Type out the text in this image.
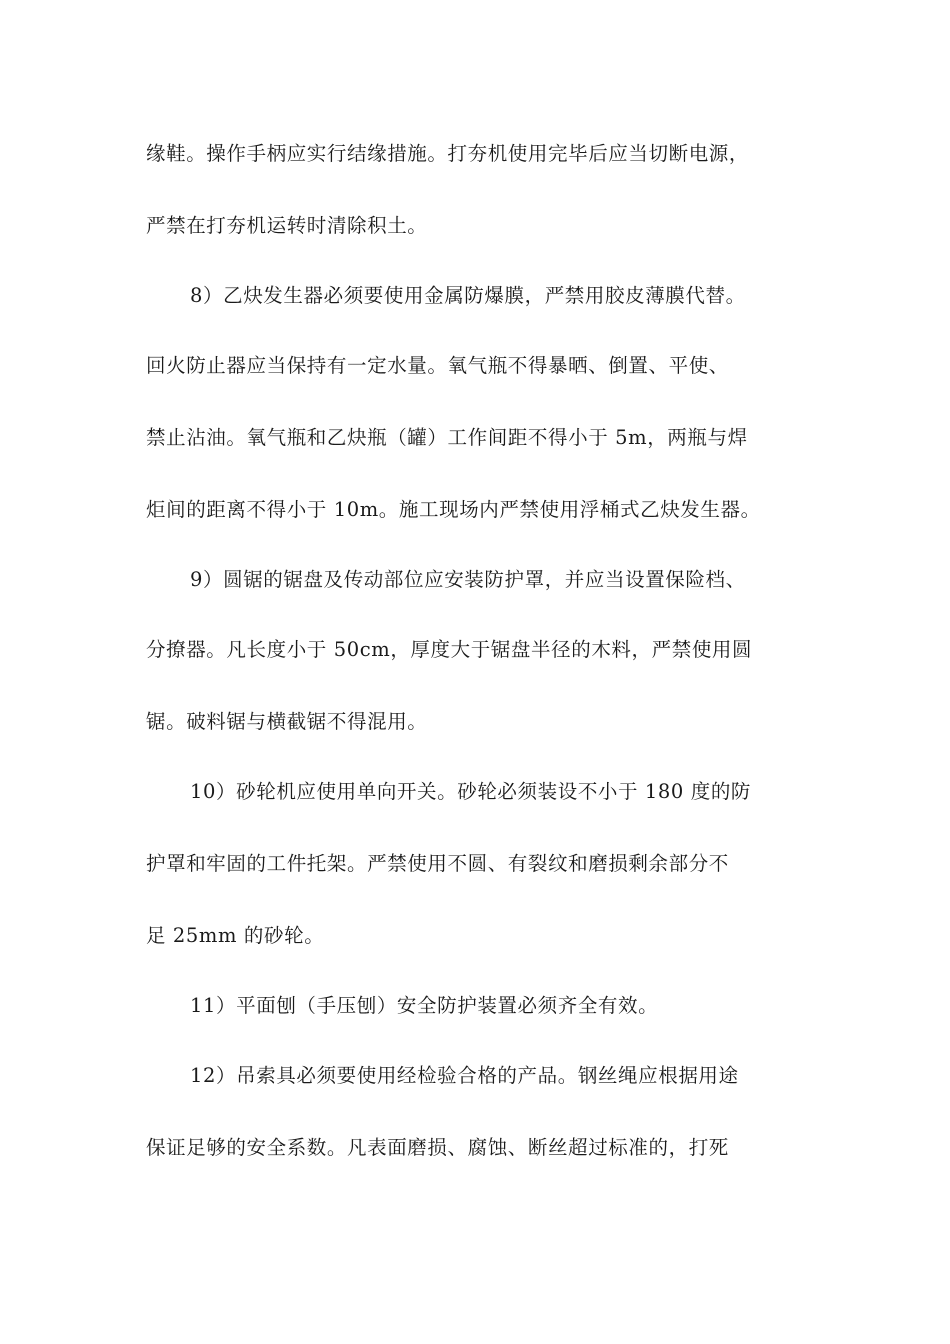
缘鞋。操作手柄应实行结缘措施。打夯机使用完毕后应当切断电源，
严禁在打夯机运转时清除积土。
8）乙炔发生器必须要使用金属防爆膜，严禁用胶皮薄膜代替。
回火防止器应当保持有一定水量。氧气瓶不得暴晒、倒置、平使、
禁止沾油。氧气瓶和乙炔瓶（罐）工作间距不得小于 5m，两瓶与焊
炬间的距离不得小于 10m。施工现场内严禁使用浮桶式乙炔发生器。
9）圆锯的锯盘及传动部位应安装防护罩，并应当设置保险档、
分撩器。凡长度小于 50cm，厚度大于锯盘半径的木料，严禁使用圆
锯。破料锯与横截锯不得混用。
10）砂轮机应使用单向开关。砂轮必须装设不小于 180 度的防
护罩和牢固的工件托架。严禁使用不圆、有裂纹和磨损剩余部分不
足 25mm 的砂轮。
11）平面刨（手压刨）安全防护装置必须齐全有效。
12）吊索具必须要使用经检验合格的产品。钢丝绳应根据用途
保证足够的安全系数。凡表面磨损、腐蚀、断丝超过标准的，打死
